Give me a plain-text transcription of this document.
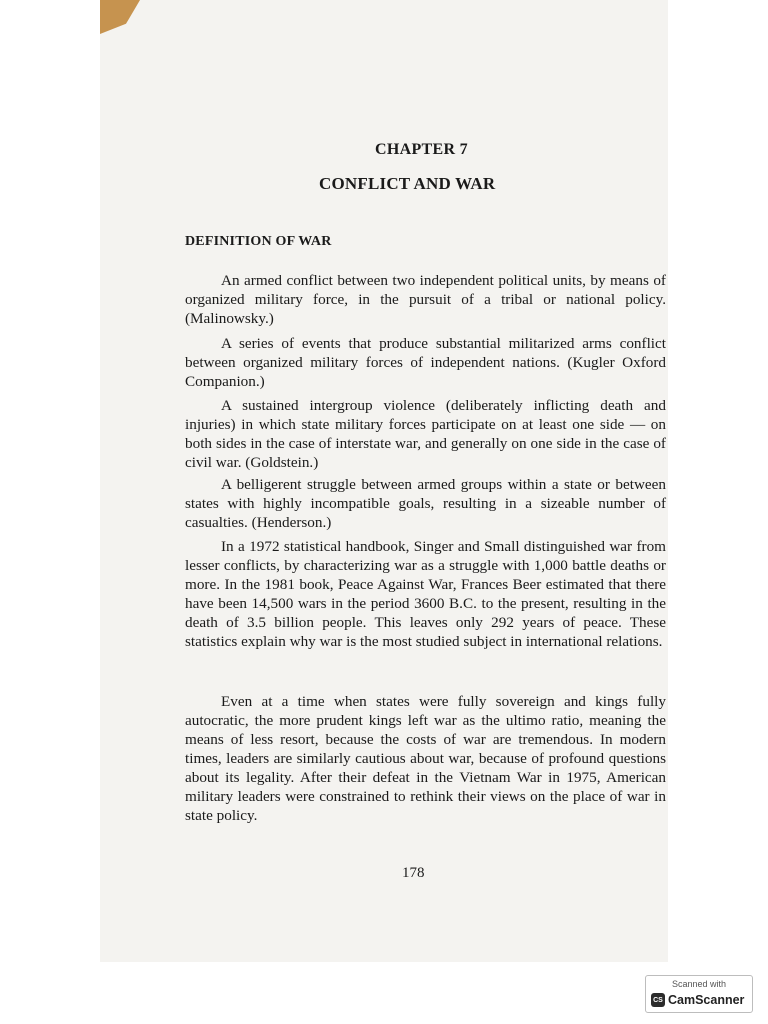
CHAPTER 7
CONFLICT AND WAR
DEFINITION OF WAR

An armed conflict between two independent political units, by means of organized military force, in the pursuit of a tribal or national policy. (Malinowsky.)

A series of events that produce substantial militarized arms conflict between organized military forces of independent nations. (Kugler Oxford Companion.)

A sustained intergroup violence (deliberately inflicting death and injuries) in which state military forces participate on at least one side — on both sides in the case of interstate war, and generally on one side in the case of civil war. (Goldstein.)

A belligerent struggle between armed groups within a state or between states with highly incompatible goals, resulting in a sizeable number of casualties. (Henderson.)

In a 1972 statistical handbook, Singer and Small distinguished war from lesser conflicts, by characterizing war as a struggle with 1,000 battle deaths or more. In the 1981 book, Peace Against War, Frances Beer estimated that there have been 14,500 wars in the period 3600 B.C. to the present, resulting in the death of 3.5 billion people. This leaves only 292 years of peace. These statistics explain why war is the most studied subject in international relations.

Even at a time when states were fully sovereign and kings fully autocratic, the more prudent kings left war as the ultimo ratio, meaning the means of less resort, because the costs of war are tremendous. In modern times, leaders are similarly cautious about war, because of profound questions about its legality. After their defeat in the Vietnam War in 1975, American military leaders were constrained to rethink their views on the place of war in state policy.

178
Scanned with
CS CamScanner
